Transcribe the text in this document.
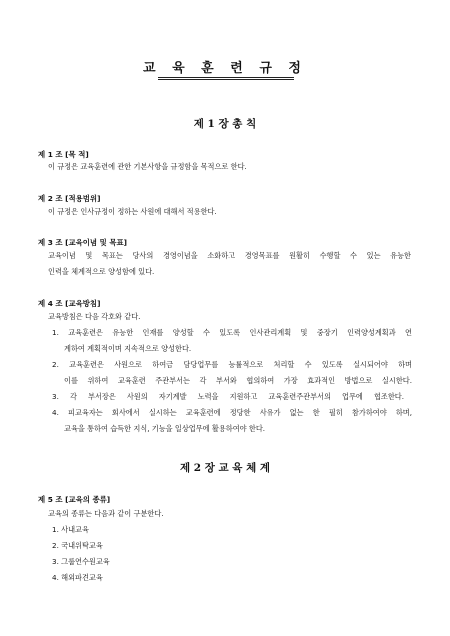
교 육 훈 련 규 정
제 1 장 총 칙
제 1 조 [목 적]

이 규정은 교육훈련에 관한 기본사항을 규정함을 목적으로 한다.

제 2 조 [적용범위]

이 규정은 인사규정이 정하는 사원에 대해서 적용한다.

제 3 조 [교육이념 및 목표]

교육이념 및 목표는 당사의 경영이념을 소화하고 경영목표를 원활히 수행할 수 있는 유능한

인력을 체계적으로 양성함에 있다.

제 4 조 [교육방침]

교육방침은 다음 각호와 같다.

1. 교육훈련은 유능한 인재를 양성할 수 있도록 인사관리계획 및 중장기 인력양성계획과 연

계하여 계획적이며 지속적으로 양성한다.

2. 교육훈련은 사원으로 하여금 담당업무를 능률적으로 처리할 수 있도록 실시되어야 하며

이를 위하여 교육훈련 주관부서는 각 부서와 협의하여 가장 효과적인 방법으로 실시한다.

3. 각 부서장은 사원의 자기계발 노력을 지원하고 교육훈련주관부서의 업무에 협조한다.

4. 피교육자는 회사에서 실시하는 교육훈련에 정당한 사유가 없는 한 필히 참가하여야 하며,

교육을 통하여 습득한 지식, 기능을 일상업무에 활용하여야 한다.

제 2 장 교 육 체 계
제 5 조 [교육의 종류]

교육의 종류는 다음과 같이 구분한다.

1. 사내교육

2. 국내위탁교육

3. 그룹연수원교육

4. 해외파견교육
